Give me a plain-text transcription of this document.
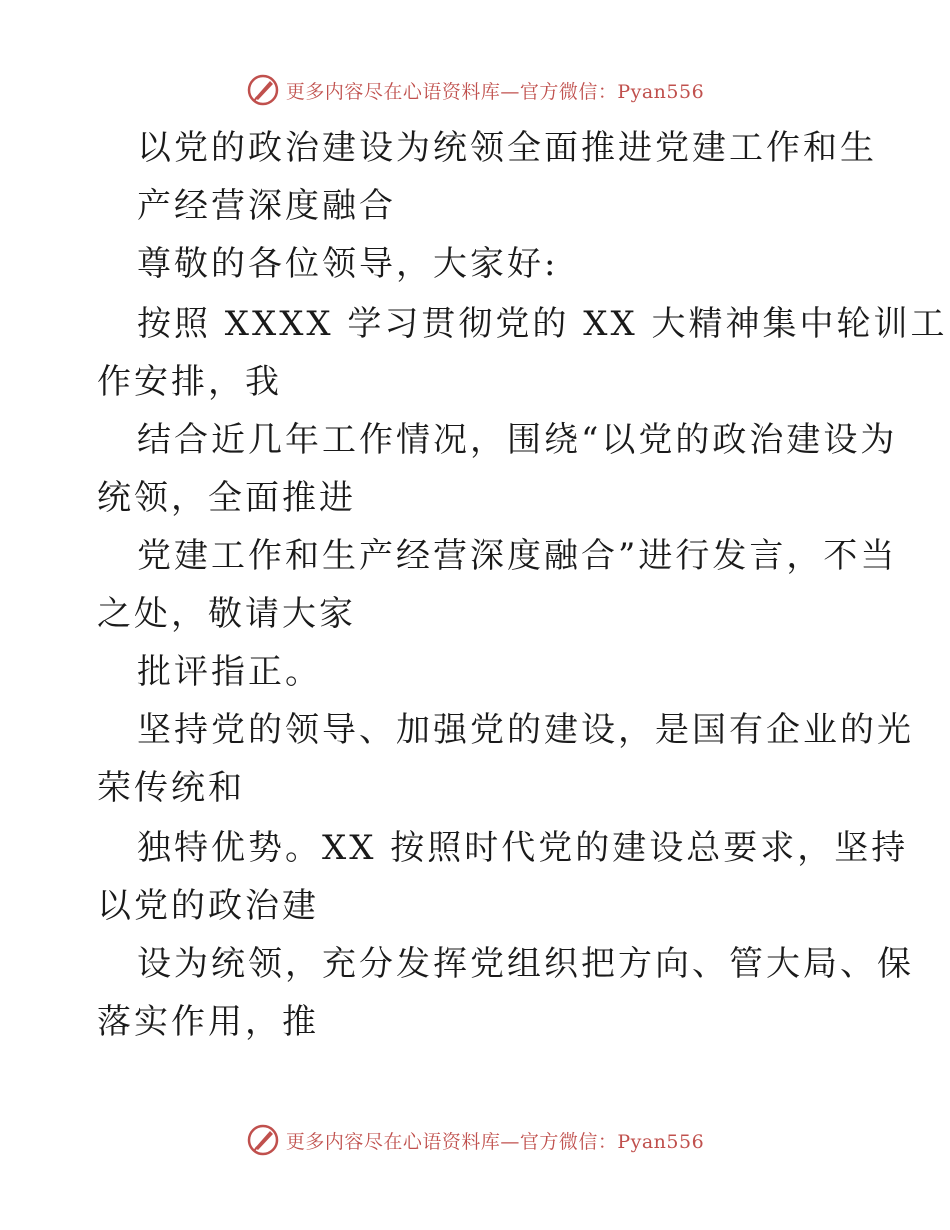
更多内容尽在心语资料库—官方微信：Pyan556
以党的政治建设为统领全面推进党建工作和生
产经营深度融合
尊敬的各位领导，大家好:
按照 XXXX 学习贯彻党的 XX 大精神集中轮训工
作安排，我
结合近几年工作情况，围绕“以党的政治建设为
统领，全面推进
党建工作和生产经营深度融合”进行发言，不当
之处，敬请大家
批评指正。
坚持党的领导、加强党的建设，是国有企业的光
荣传统和
独特优势。XX 按照时代党的建设总要求，坚持
以党的政治建
设为统领，充分发挥党组织把方向、管大局、保
落实作用，推
更多内容尽在心语资料库—官方微信：Pyan556
